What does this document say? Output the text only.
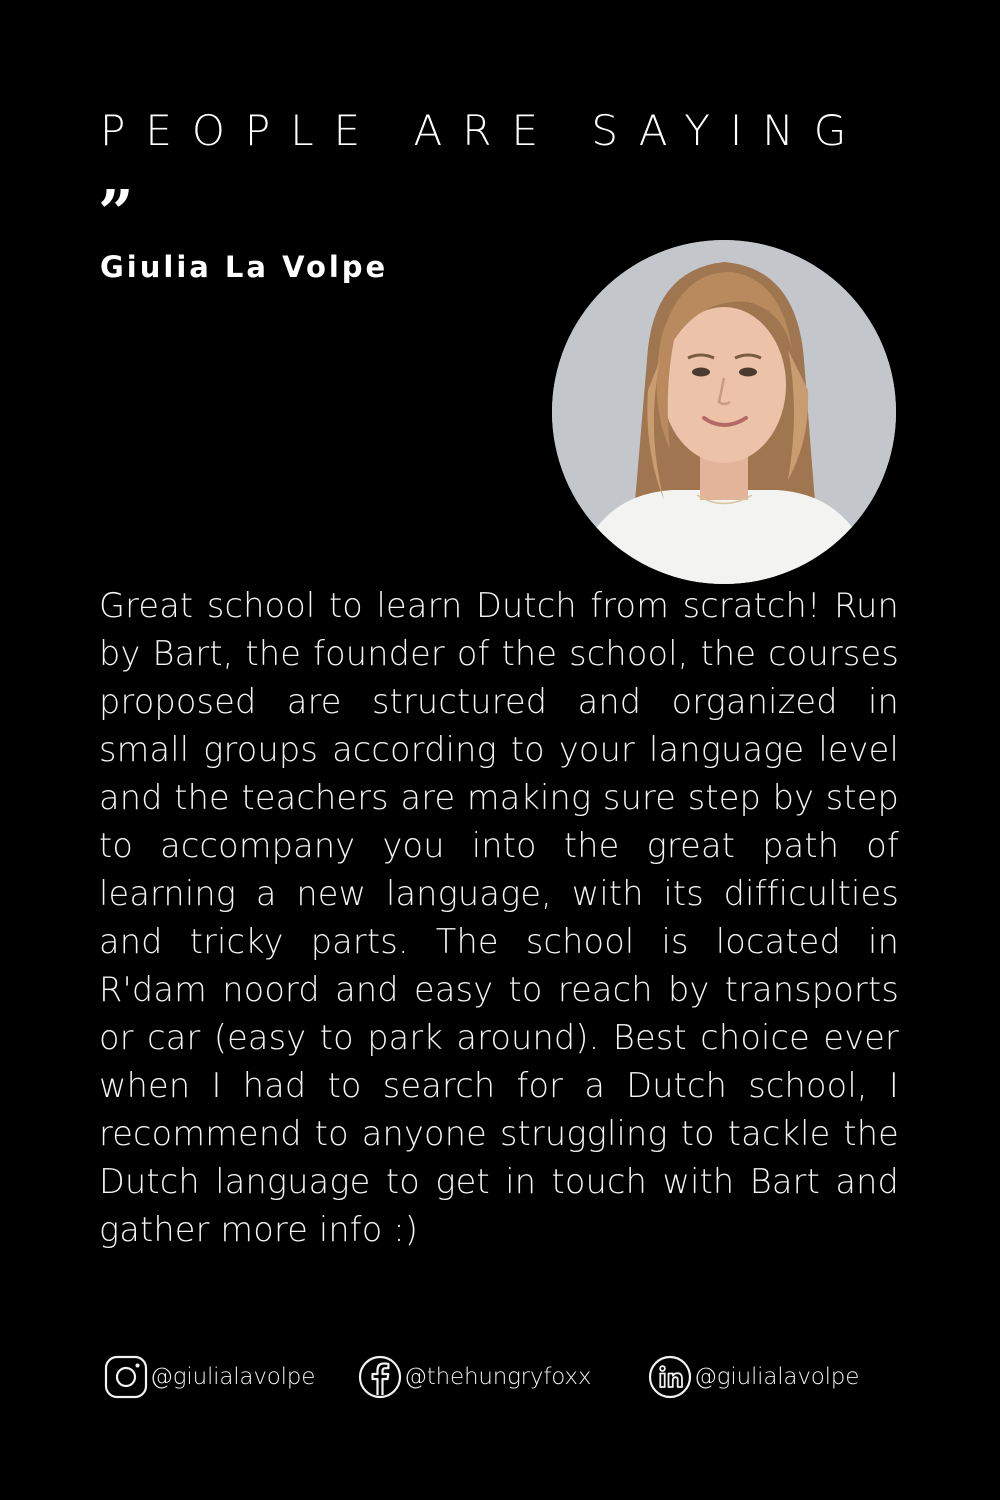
PEOPLE ARE SAYING
”
Giulia La Volpe

Great school to learn Dutch from scratch! Run by Bart, the founder of the school, the courses proposed are structured and organized in small groups according to your language level and the teachers are making sure step by step to accompany you into the great path of learning a new language, with its difficulties and tricky parts. The school is located in R'dam noord and easy to reach by transports or car (easy to park around). Best choice ever when I had to search for a Dutch school, I recommend to anyone struggling to tackle the Dutch language to get in touch with Bart and gather more info :)

@giulialavolpe	@thehungryfoxx	@giulialavolpe
